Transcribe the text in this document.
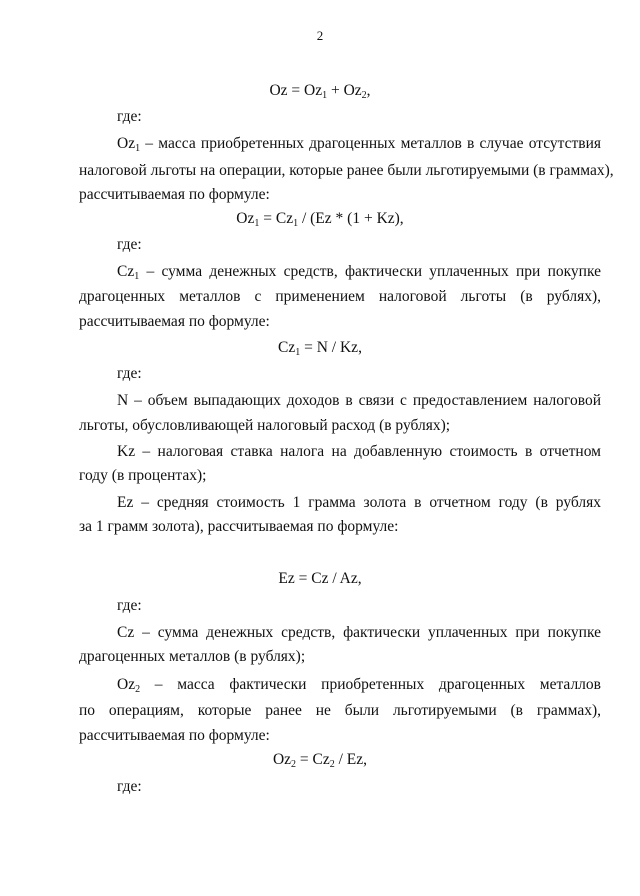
2
$Oz = Oz_1 + Oz_2$,
где:
$Oz_1$ – масса приобретенных драгоценных металлов в случае отсутствия
налоговой льготы на операции, которые ранее были льготируемыми (в граммах),
рассчитываемая по формуле:
$Oz_1 = Cz_1 / (Ez * (1 + Kz)$,
где:
$Cz_1$ – сумма денежных средств, фактически уплаченных при покупке
драгоценных металлов с применением налоговой льготы (в рублях),
рассчитываемая по формуле:
$Cz_1 = N / Kz$,
где:
N – объем выпадающих доходов в связи с предоставлением налоговой
льготы, обусловливающей налоговый расход (в рублях);
Kz – налоговая ставка налога на добавленную стоимость в отчетном
году (в процентах);
Ez – средняя стоимость 1 грамма золота в отчетном году (в рублях
за 1 грамм золота), рассчитываемая по формуле:
Ez = Cz / Az,
где:
Cz – сумма денежных средств, фактически уплаченных при покупке
драгоценных металлов (в рублях);
$Oz_2$ – масса фактически приобретенных драгоценных металлов
по операциям, которые ранее не были льготируемыми (в граммах),
рассчитываемая по формуле:
$Oz_2 = Cz_2 / Ez$,
где:
